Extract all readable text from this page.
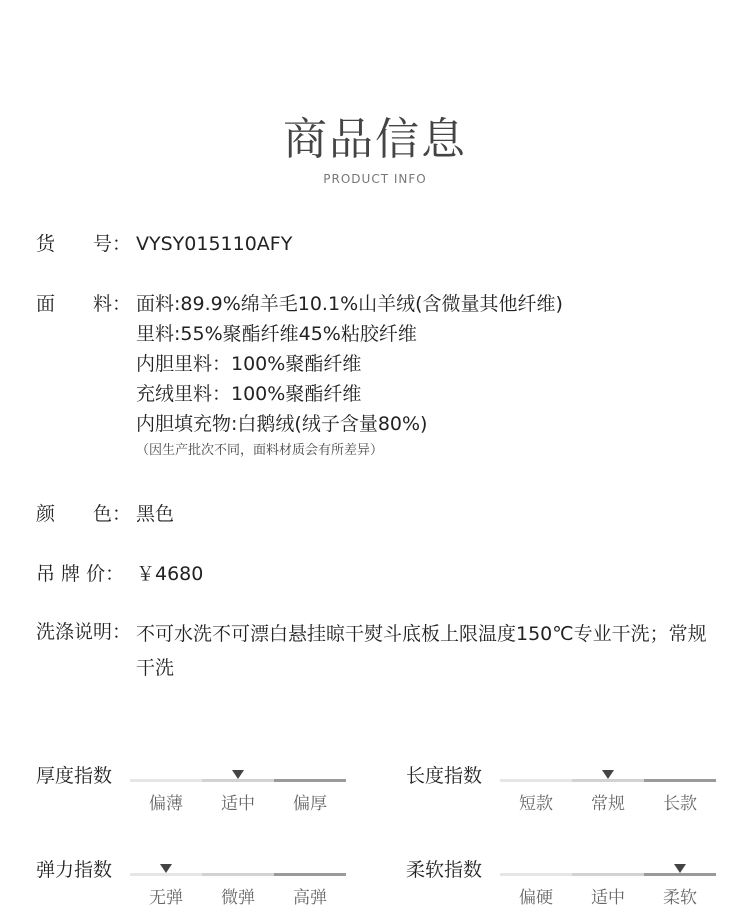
商品信息
PRODUCT INFO
货　　号： VYSY015110AFY
面　　料： 面料:89.9%绵羊毛10.1%山羊绒(含微量其他纤维)
里料:55%聚酯纤维45%粘胶纤维
内胆里料：100%聚酯纤维
充绒里料：100%聚酯纤维
内胆填充物:白鹅绒(绒子含量80%)
（因生产批次不同，面料材质会有所差异）
颜　　色： 黑色
吊 牌 价： ￥4680
洗涤说明： 不可水洗不可漂白悬挂晾干熨斗底板上限温度150℃专业干洗；常规干洗
厚度指数
偏薄	适中	偏厚
长度指数
短款	常规	长款
弹力指数
无弹	微弹	高弹
柔软指数
偏硬	适中	柔软
